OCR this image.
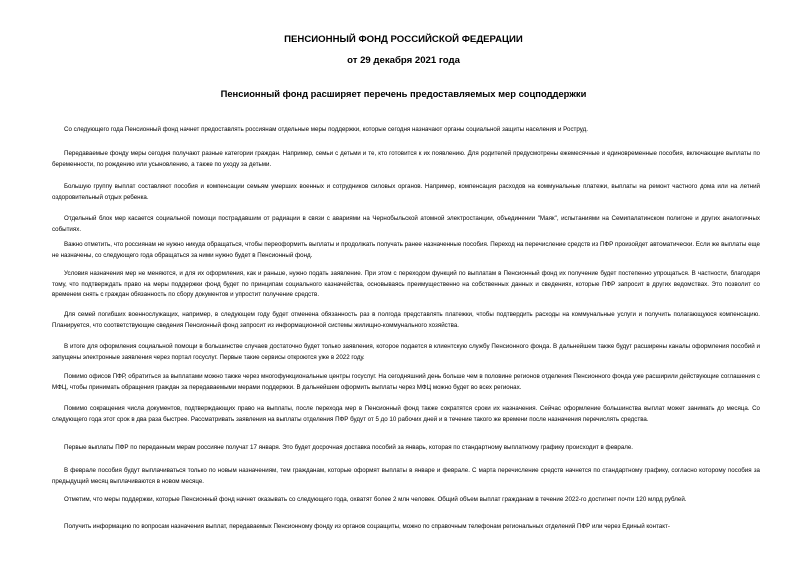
ПЕНСИОННЫЙ ФОНД РОССИЙСКОЙ ФЕДЕРАЦИИ

от 29 декабря 2021 года

Пенсионный фонд расширяет перечень предоставляемых мер соцподдержки

Со следующего года Пенсионный фонд начнет предоставлять россиянам отдельные меры поддержки, которые сегодня назначают органы социальной защиты населения и Роструд.

Передаваемые фонду меры сегодня получают разные категории граждан. Например, семьи с детьми и те, кто готовится к их появлению. Для родителей предусмотрены ежемесячные и единовременные пособия, включающие выплаты по беременности, по рождению или усыновлению, а также по уходу за детьми.

Большую группу выплат составляют пособия и компенсации семьям умерших военных и сотрудников силовых органов. Например, компенсация расходов на коммунальные платежи, выплаты на ремонт частного дома или на летний оздоровительный отдых ребенка.

Отдельный блок мер касается социальной помощи пострадавшим от радиации в связи с авариями на Чернобыльской атомной электростанции, объединении "Маяк", испытаниями на Семипалатинском полигоне и других аналогичных событиях.

Важно отметить, что россиянам не нужно никуда обращаться, чтобы переоформить выплаты и продолжать получать ранее назначенные пособия. Переход на перечисление средств из ПФР произойдет автоматически. Если же выплаты еще не назначены, со следующего года обращаться за ними нужно будет в Пенсионный фонд.

Условия назначения мер не меняются, и для их оформления, как и раньше, нужно подать заявление. При этом с переходом функций по выплатам в Пенсионный фонд их получение будет постепенно упрощаться. В частности, благодаря тому, что подтверждать право на меры поддержки фонд будет по принципам социального казначейства, основываясь преимущественно на собственных данных и сведениях, которые ПФР запросит в других ведомствах. Это позволит со временем снять с граждан обязанность по сбору документов и упростит получение средств.

Для семей погибших военнослужащих, например, в следующем году будет отменена обязанность раз в полгода представлять платежки, чтобы подтвердить расходы на коммунальные услуги и получить полагающуюся компенсацию. Планируется, что соответствующие сведения Пенсионный фонд запросит из информационной системы жилищно-коммунального хозяйства.

В итоге для оформления социальной помощи в большинстве случаев достаточно будет только заявления, которое подается в клиентскую службу Пенсионного фонда. В дальнейшем также будут расширены каналы оформления пособий и запущены электронные заявления через портал госуслуг. Первые такие сервисы откроются уже в 2022 году.

Помимо офисов ПФР, обратиться за выплатами можно также через многофункциональные центры госуслуг. На сегодняшний день больше чем в половине регионов отделения Пенсионного фонда уже расширили действующие соглашения с МФЦ, чтобы принимать обращения граждан за передаваемыми мерами поддержки. В дальнейшем оформить выплаты через МФЦ можно будет во всех регионах.

Помимо сокращения числа документов, подтверждающих право на выплаты, после перехода мер в Пенсионный фонд также сократятся сроки их назначения. Сейчас оформление большинства выплат может занимать до месяца. Со следующего года этот срок в два раза быстрее. Рассматривать заявления на выплаты отделения ПФР будут от 5 до 10 рабочих дней и в течение такого же времени после назначения перечислять средства.

Первые выплаты ПФР по переданным мерам россияне получат 17 января. Это будет досрочная доставка пособий за январь, которая по стандартному выплатному графику происходит в феврале.

В феврале пособия будут выплачиваться только по новым назначениям, тем гражданам, которые оформят выплаты в январе и феврале. С марта перечисление средств начнется по стандартному графику, согласно которому пособия за предыдущий месяц выплачиваются в новом месяце.

Отметим, что меры поддержки, которые Пенсионный фонд начнет оказывать со следующего года, охватят более 2 млн человек. Общий объем выплат гражданам в течение 2022-го достигнет почти 120 млрд рублей.

Получить информацию по вопросам назначения выплат, передаваемых Пенсионному фонду из органов соцзащиты, можно по справочным телефонам региональных отделений ПФР или через Единый контакт-
